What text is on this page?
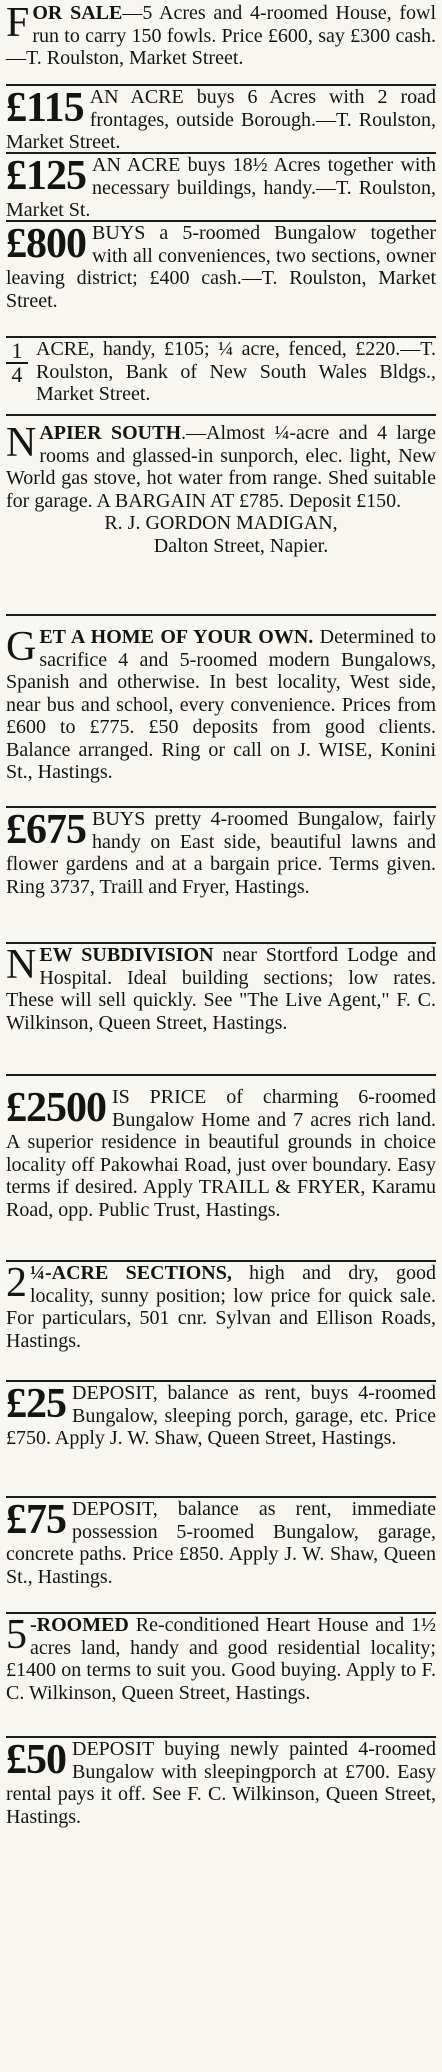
FOR SALE—5 Acres and 4-roomed House, fowl run to carry 150 fowls. Price £600, say £300 cash.—T. Roulston, Market Street.
£115 AN ACRE buys 6 Acres with 2 road frontages, outside Borough.—T. Roulston, Market Street.
£125 AN ACRE buys 18½ Acres together with necessary buildings, handy.—T. Roulston, Market St.
£800 BUYS a 5-roomed Bungalow together with all conveniences, two sections, owner leaving district; £400 cash.—T. Roulston, Market Street.
$\frac{1}{4}$ ACRE, handy, £105; ¼ acre, fenced, £220.—T. Roulston, Bank of New South Wales Bldgs., Market Street.
NAPIER SOUTH.—Almost ¼-acre and 4 large rooms and glassed-in sunporch, elec. light, New World gas stove, hot water from range. Shed suitable for garage. A BARGAIN AT £785. Deposit £150.
R. J. GORDON MADIGAN,
Dalton Street, Napier.
GET A HOME OF YOUR OWN. Determined to sacrifice 4 and 5-roomed modern Bungalows, Spanish and otherwise. In best locality, West side, near bus and school, every convenience. Prices from £600 to £775. £50 deposits from good clients. Balance arranged. Ring or call on J. WISE, Konini St., Hastings.
£675 BUYS pretty 4-roomed Bungalow, fairly handy on East side, beautiful lawns and flower gardens and at a bargain price. Terms given. Ring 3737, Traill and Fryer, Hastings.
NEW SUBDIVISION near Stortford Lodge and Hospital. Ideal building sections; low rates. These will sell quickly. See "The Live Agent," F. C. Wilkinson, Queen Street, Hastings.
£2500 IS PRICE of charming 6-roomed Bungalow Home and 7 acres rich land. A superior residence in beautiful grounds in choice locality off Pakowhai Road, just over boundary. Easy terms if desired. Apply TRAILL & FRYER, Karamu Road, opp. Public Trust, Hastings.
2 ¼-ACRE SECTIONS, high and dry, good locality, sunny position; low price for quick sale. For particulars, 501 cnr. Sylvan and Ellison Roads, Hastings.
£25 DEPOSIT, balance as rent, buys 4-roomed Bungalow, sleeping porch, garage, etc. Price £750. Apply J. W. Shaw, Queen Street, Hastings.
£75 DEPOSIT, balance as rent, immediate possession 5-roomed Bungalow, garage, concrete paths. Price £850. Apply J. W. Shaw, Queen St., Hastings.
5 -ROOMED Re-conditioned Heart House and 1½ acres land, handy and good residential locality; £1400 on terms to suit you. Good buying. Apply to F. C. Wilkinson, Queen Street, Hastings.
£50 DEPOSIT buying newly painted 4-roomed Bungalow with sleepingporch at £700. Easy rental pays it off. See F. C. Wilkinson, Queen Street, Hastings.
